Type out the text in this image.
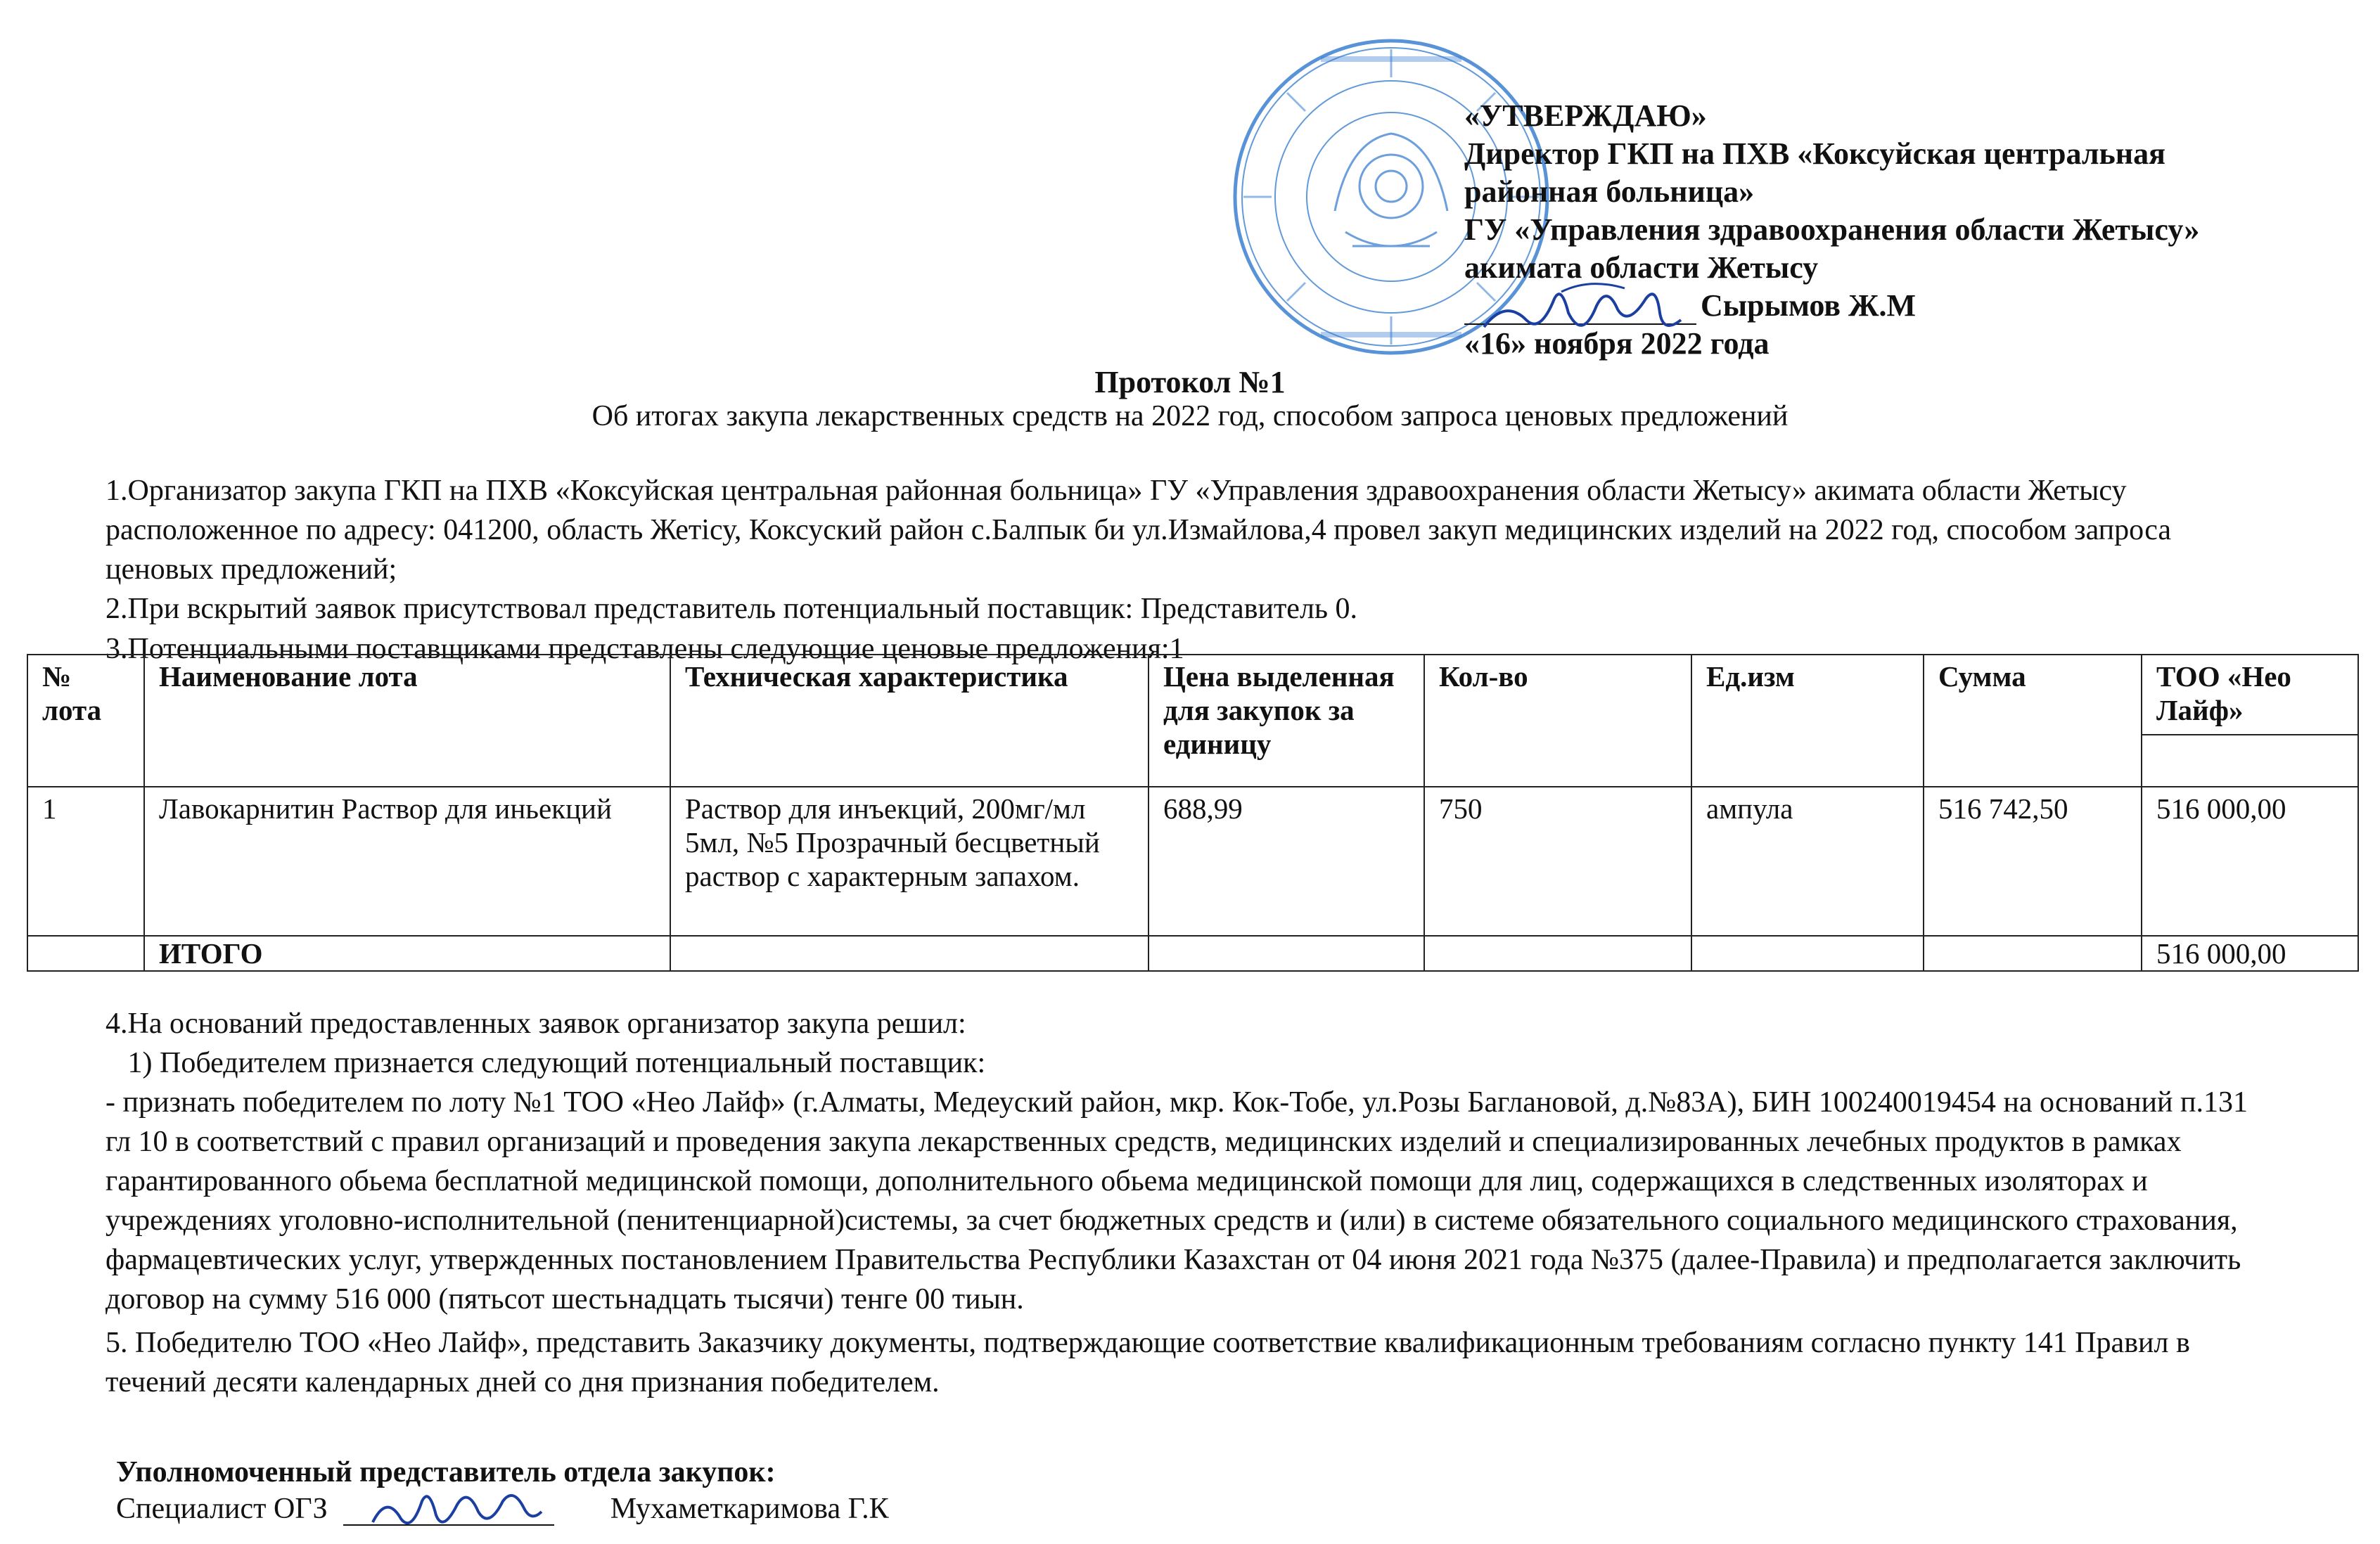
«УТВЕРЖДАЮ»
Директор ГКП на ПХВ «Коксуйская центральная
районная больница»
ГУ «Управления здравоохранения области Жетысу»
акимата области Жетысу
Сырымов Ж.М
«16» ноября 2022 года
Протокол №1
Об итогах закупа лекарственных средств на 2022 год, способом запроса ценовых предложений
1.Организатор закупа ГКП на ПХВ «Коксуйская центральная районная больница» ГУ «Управления здравоохранения области Жетысу» акимата области Жетысу расположенное по адресу: 041200, область Жетісу, Коксуский район с.Балпык би ул.Измайлова,4 провел закуп медицинских изделий на 2022 год, способом запроса ценовых предложений;
2.При вскрытий заявок присутствовал представитель потенциальный поставщик: Представитель 0.
3.Потенциальными поставщиками представлены следующие ценовые предложения:1
№ лота	Наименование лота	Техническая характеристика	Цена выделенная для закупок за единицу	Кол-во	Ед.изм	Сумма	ТОО «Нео Лайф»

1	Лавокарнитин Раствор для иньекций	Раствор для инъекций, 200мг/мл 5мл, №5 Прозрачный бесцветный раствор с характерным запахом.	688,99	750	ампула	516 742,50	516 000,00
	ИТОГО						516 000,00
4.На оснований предоставленных заявок организатор закупа решил:
1) Победителем признается следующий потенциальный поставщик:
- признать победителем по лоту №1 ТОО «Нео Лайф» (г.Алматы, Медеуский район, мкр. Кок-Тобе, ул.Розы Баглановой, д.№83А), БИН 100240019454 на оснований п.131 гл 10 в соответствий с правил организаций и проведения закупа лекарственных средств, медицинских изделий и специализированных лечебных продуктов в рамках гарантированного обьема бесплатной медицинской помощи, дополнительного обьема медицинской помощи для лиц, содержащихся в следственных изоляторах и учреждениях уголовно-исполнительной (пенитенциарной)системы, за счет бюджетных средств и (или) в системе обязательного социального медицинского страхования, фармацевтических услуг, утвержденных постановлением Правительства Республики Казахстан от 04 июня 2021 года №375 (далее-Правила) и предполагается заключить договор на сумму 516 000 (пятьсот шестьнадцать тысячи) тенге 00 тиын.
5. Победителю ТОО «Нео Лайф», представить Заказчику документы, подтверждающие соответствие квалификационным требованиям согласно пункту 141 Правил в течений десяти календарных дней со дня признания победителем.
Уполномоченный представитель отдела закупок:
Специалист ОГЗ	Мухаметкаримова Г.К
